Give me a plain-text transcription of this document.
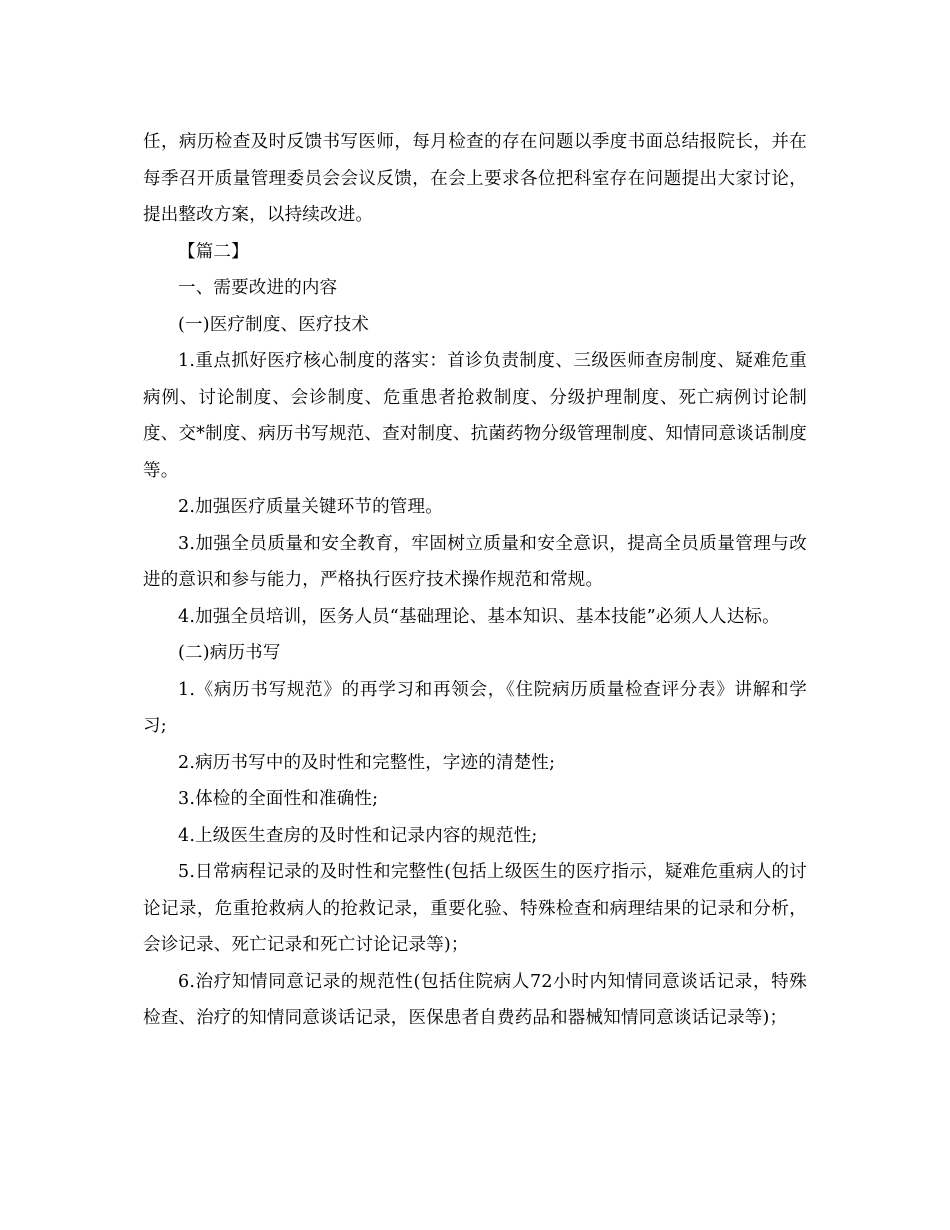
任，病历检查及时反馈书写医师，每月检查的存在问题以季度书面总结报院长，并在每季召开质量管理委员会会议反馈，在会上要求各位把科室存在问题提出大家讨论，提出整改方案，以持续改进。

【篇二】

一、需要改进的内容

(一)医疗制度、医疗技术

1.重点抓好医疗核心制度的落实：首诊负责制度、三级医师查房制度、疑难危重病例、讨论制度、会诊制度、危重患者抢救制度、分级护理制度、死亡病例讨论制度、交*制度、病历书写规范、查对制度、抗菌药物分级管理制度、知情同意谈话制度等。

2.加强医疗质量关键环节的管理。

3.加强全员质量和安全教育，牢固树立质量和安全意识，提高全员质量管理与改进的意识和参与能力，严格执行医疗技术操作规范和常规。

4.加强全员培训，医务人员“基础理论、基本知识、基本技能”必须人人达标。

(二)病历书写

1.《病历书写规范》的再学习和再领会，《住院病历质量检查评分表》讲解和学习;

2.病历书写中的及时性和完整性，字迹的清楚性;

3.体检的全面性和准确性;

4.上级医生查房的及时性和记录内容的规范性;

5.日常病程记录的及时性和完整性(包括上级医生的医疗指示，疑难危重病人的讨论记录，危重抢救病人的抢救记录，重要化验、特殊检查和病理结果的记录和分析，会诊记录、死亡记录和死亡讨论记录等)；

6.治疗知情同意记录的规范性(包括住院病人72小时内知情同意谈话记录，特殊检查、治疗的知情同意谈话记录，医保患者自费药品和器械知情同意谈话记录等)；
